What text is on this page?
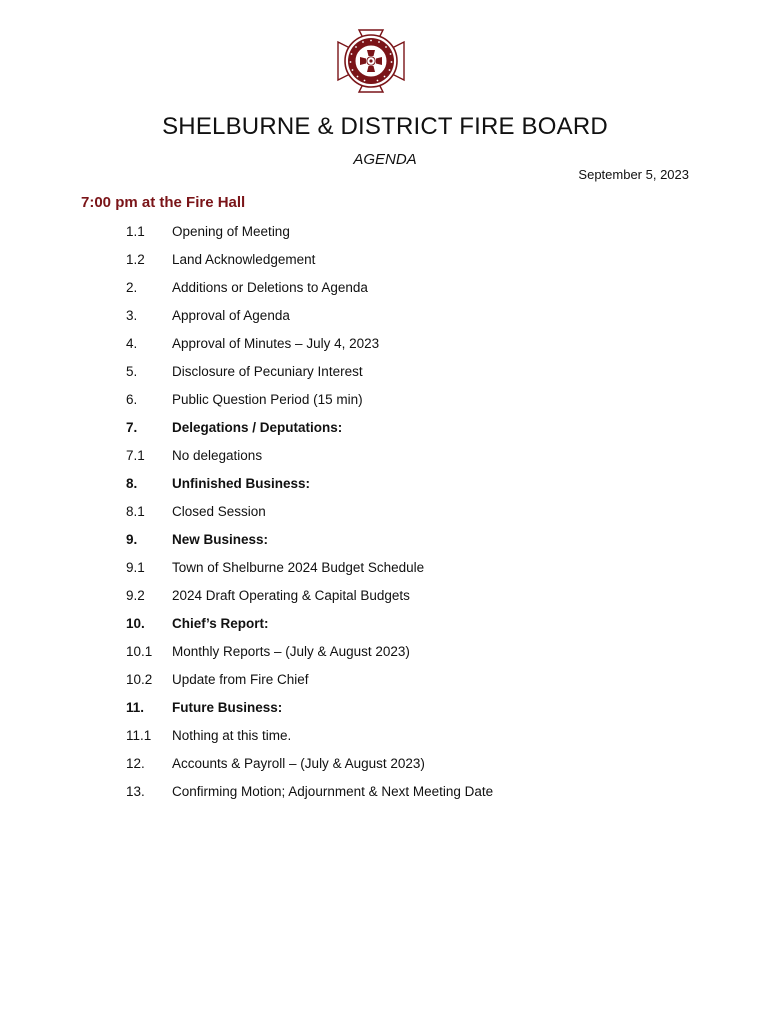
SHELBURNE & DISTRICT FIRE BOARD
AGENDA
September 5, 2023
7:00 pm at the Fire Hall
1.1	Opening of Meeting
1.2	Land Acknowledgement
2.	Additions or Deletions to Agenda
3.	Approval of Agenda
4.	Approval of Minutes – July 4, 2023
5.	Disclosure of Pecuniary Interest
6.	Public Question Period (15 min)
7.	Delegations / Deputations:
7.1	No delegations
8.	Unfinished Business:
8.1	Closed Session
9.	New Business:
9.1	Town of Shelburne 2024 Budget Schedule
9.2	2024 Draft Operating & Capital Budgets
10.	Chief’s Report:
10.1	Monthly Reports – (July & August 2023)
10.2	Update from Fire Chief
11.	Future Business:
11.1	Nothing at this time.
12.	Accounts & Payroll – (July & August 2023)
13.	Confirming Motion; Adjournment & Next Meeting Date
